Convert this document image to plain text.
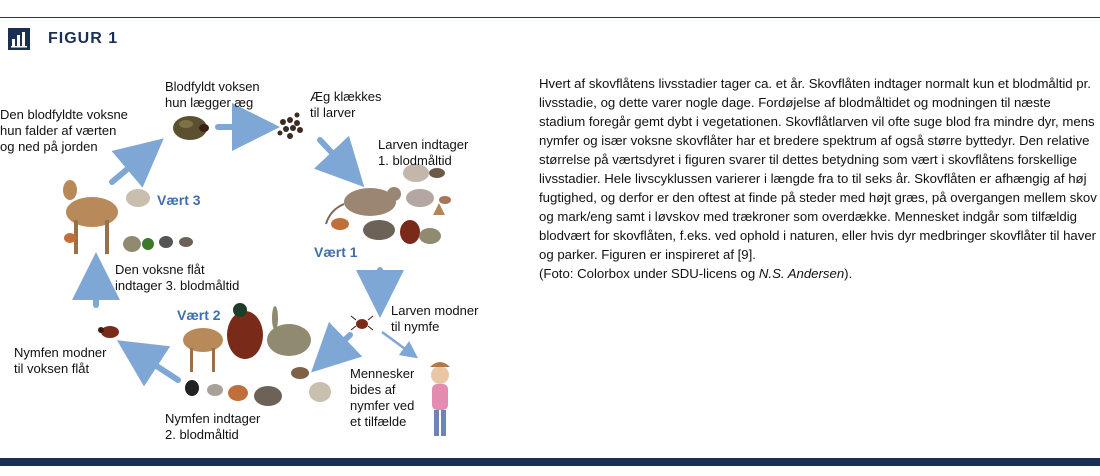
FIGUR 1
Den blodfyldte voksne
hun falder af værten
og ned på jorden
Blodfyldt voksen
hun lægger æg	Æg klækkes
til larver
Larven indtager
1. blodmåltid
Larven modner
til nymfe
Mennesker
bides af
nymfer ved
et tilfælde
Nymfen indtager
2. blodmåltid
Nymfen modner
til voksen flåt
Den voksne flåt
indtager 3. blodmåltid
Vært 3
Vært 1
Vært 2

Hvert af skovflåtens livsstadier tager ca. et år. Skovflåten indtager normalt kun et blodmåltid pr. livsstadie, og dette varer nogle dage. Fordøjelse af blodmåltidet og modningen til næste stadium foregår gemt dybt i vegetationen. Skovflåtlarven vil ofte suge blod fra mindre dyr, mens nymfer og især voksne skovflåter har et bredere spektrum af også større byttedyr. Den relative størrelse på værtsdyret i figuren svarer til dettes betydning som vært i skovflåtens forskellige livsstadier. Hele livscyklussen varierer i længde fra to til seks år. Skovflåten er afhængig af høj fugtighed, og derfor er den oftest at finde på steder med højt græs, på overgangen mellem skov og mark/eng samt i løvskov med trækroner som overdække. Mennesket indgår som tilfældig blodvært for skovflåten, f.eks. ved ophold i naturen, eller hvis dyr medbringer skovflåter til haver og parker. Figuren er inspireret af [9].

(Foto: Colorbox under SDU-licens og N.S. Andersen).
